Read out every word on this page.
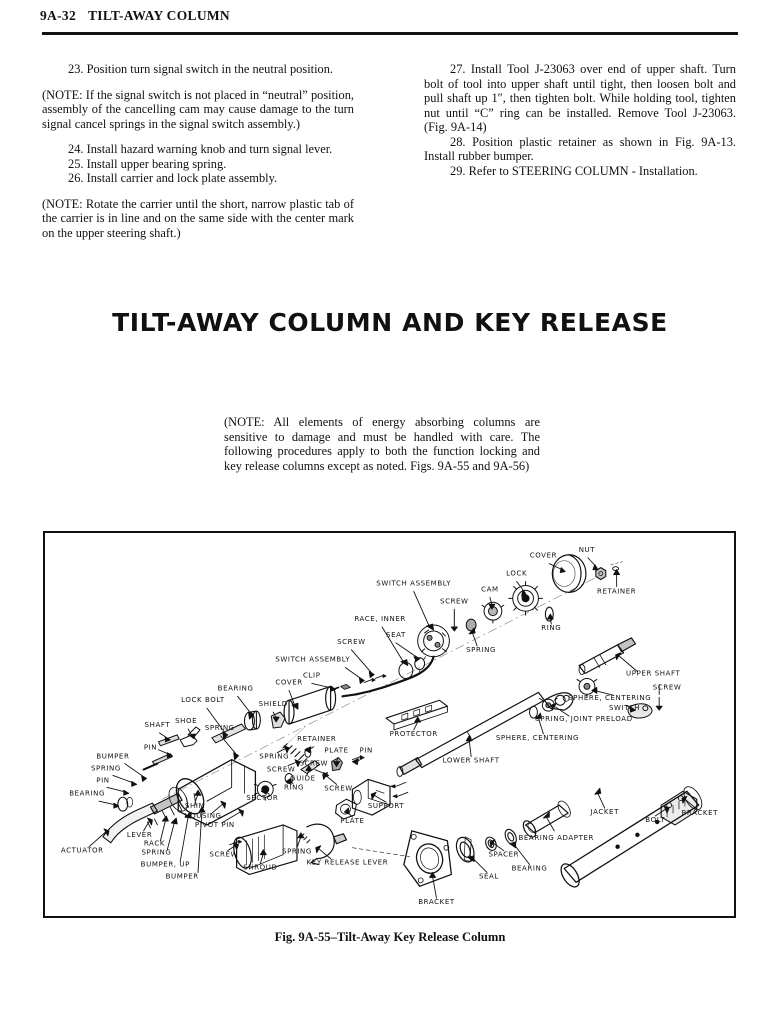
9A-32 TILT-AWAY COLUMN

23. Position turn signal switch in the neutral position.

(NOTE: If the signal switch is not placed in “neutral” position, assembly of the cancelling cam may cause damage to the turn signal cancel springs in the signal switch assembly.)

24. Install hazard warning knob and turn signal lever.

25. Install upper bearing spring.

26. Install carrier and lock plate assembly.

(NOTE: Rotate the carrier until the short, narrow plastic tab of the carrier is in line and on the same side with the center mark on the upper steering shaft.)

27. Install Tool J-23063 over end of upper shaft. Turn bolt of tool into upper shaft until tight, then loosen bolt and pull shaft up 1″, then tighten bolt. While holding tool, tighten nut until “C” ring can be installed. Remove Tool J-23063. (Fig. 9A-14)

28. Position plastic retainer as shown in Fig. 9A-13. Install rubber bumper.

29. Refer to STEERING COLUMN - Installation.

TILT-AWAY COLUMN AND KEY RELEASE
(NOTE: All elements of energy absorbing columns are sensitive to damage and must be handled with care. The following procedures apply to both the function locking and key release columns except as noted. Figs. 9A-55 and 9A-56)
COVER
NUT
RETAINER
LOCK
CAM
SCREW
RING
SPRING
SWITCH ASSEMBLY
RACE, INNER
SEAT
SCREW
SWITCH ASSEMBLY
CLIP
COVER
BEARING
LOCK BOLT	SHIELD
SHAFT SHOE
SPRING
PIN
BUMPER
SPRING
PIN
BEARING
ACTUATOR
LEVER
RACK
SPRING
BUMPER, UP
BUMPER
SHIM
HOUSING
PIVOT PIN
SECTOR
RING
SCREW
GUIDE
SCREW
SPRING
RETAINER
PLATE PIN
SCREW
PROTECTOR
LOWER SHAFT
SUPPORT
PLATE
SHROUD
SCREW	SPRING
KEY RELEASE LEVER
UPPER SHAFT
SCREW
SPHERE, CENTERING
SWITCH
SPRING, JOINT PRELOAD
SPHERE, CENTERING
JACKET
BOLT
BRACKET
BEARING ADAPTER
BEARING
SPACER
SEAL
BRACKET
Fig. 9A-55–Tilt-Away Key Release Column
